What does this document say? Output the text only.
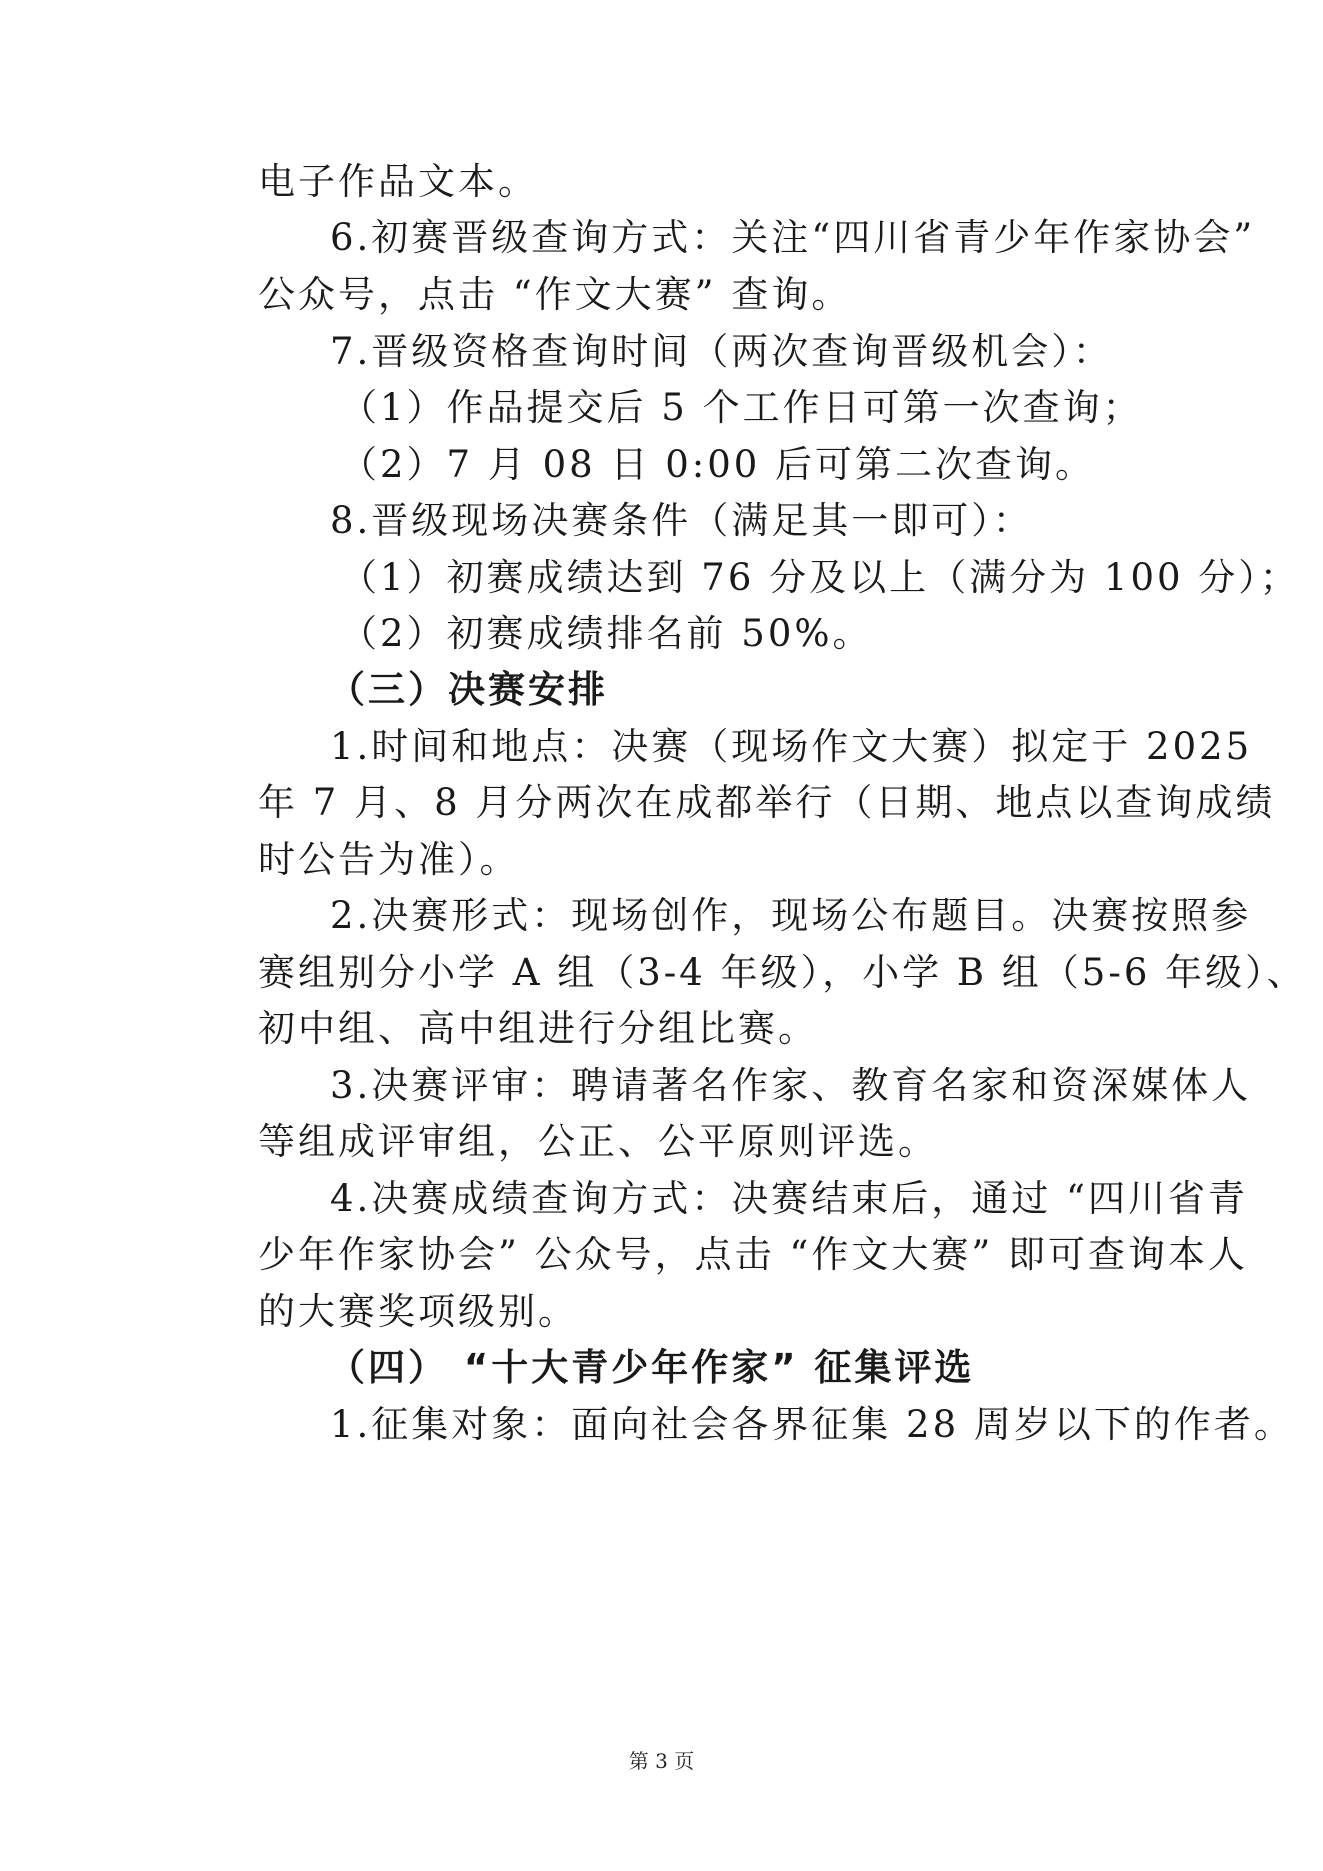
电子作品文本。
6.初赛晋级查询方式：关注“四川省青少年作家协会”
公众号，点击 “作文大赛” 查询。
7.晋级资格查询时间（两次查询晋级机会）：
（1）作品提交后 5 个工作日可第一次查询；
（2）7 月 08 日 0:00 后可第二次查询。
8.晋级现场决赛条件（满足其一即可）：
（1）初赛成绩达到 76 分及以上（满分为 100 分）；
（2）初赛成绩排名前 50%。
（三）决赛安排
1.时间和地点：决赛（现场作文大赛）拟定于 2025
年 7 月、8 月分两次在成都举行（日期、地点以查询成绩
时公告为准）。
2.决赛形式：现场创作，现场公布题目。决赛按照参
赛组别分小学 A 组（3-4 年级），小学 B 组（5-6 年级）、
初中组、高中组进行分组比赛。
3.决赛评审：聘请著名作家、教育名家和资深媒体人
等组成评审组，公正、公平原则评选。
4.决赛成绩查询方式：决赛结束后，通过 “四川省青
少年作家协会” 公众号，点击 “作文大赛” 即可查询本人
的大赛奖项级别。
（四） “十大青少年作家” 征集评选
1.征集对象：面向社会各界征集 28 周岁以下的作者。
第 3 页
